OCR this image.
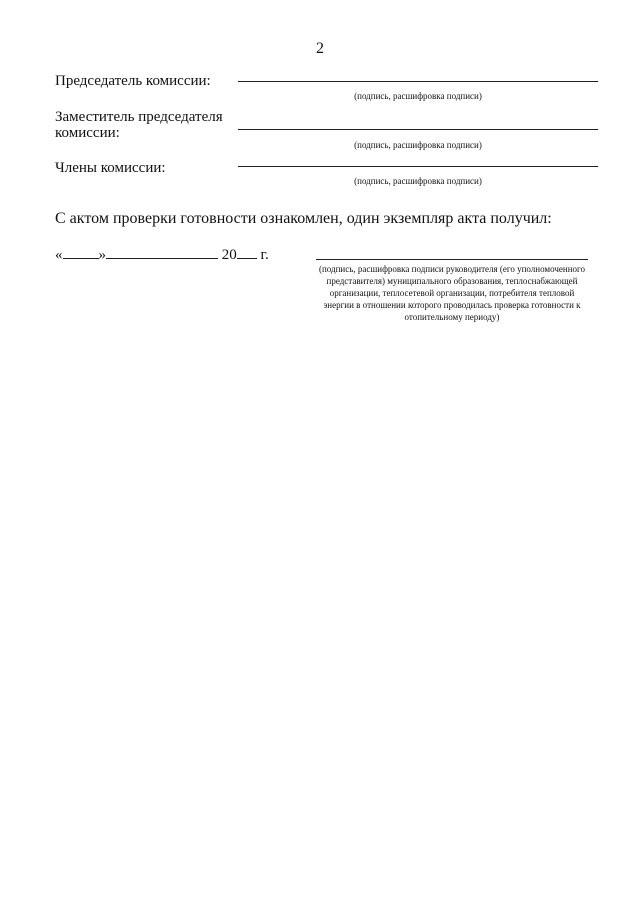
2
Председатель комиссии:
(подпись, расшифровка подписи)
Заместитель председателя
комиссии:
(подпись, расшифровка подписи)
Члены комиссии:
(подпись, расшифровка подписи)
С актом проверки готовности ознакомлен, один экземпляр акта получил:
« »	20 г.
(подпись, расшифровка подписи руководителя (его уполномоченного представителя) муниципального образования, теплоснабжающей организации, теплосетевой организации, потребителя тепловой энергии в отношении которого проводилась проверка готовности к отопительному периоду)
